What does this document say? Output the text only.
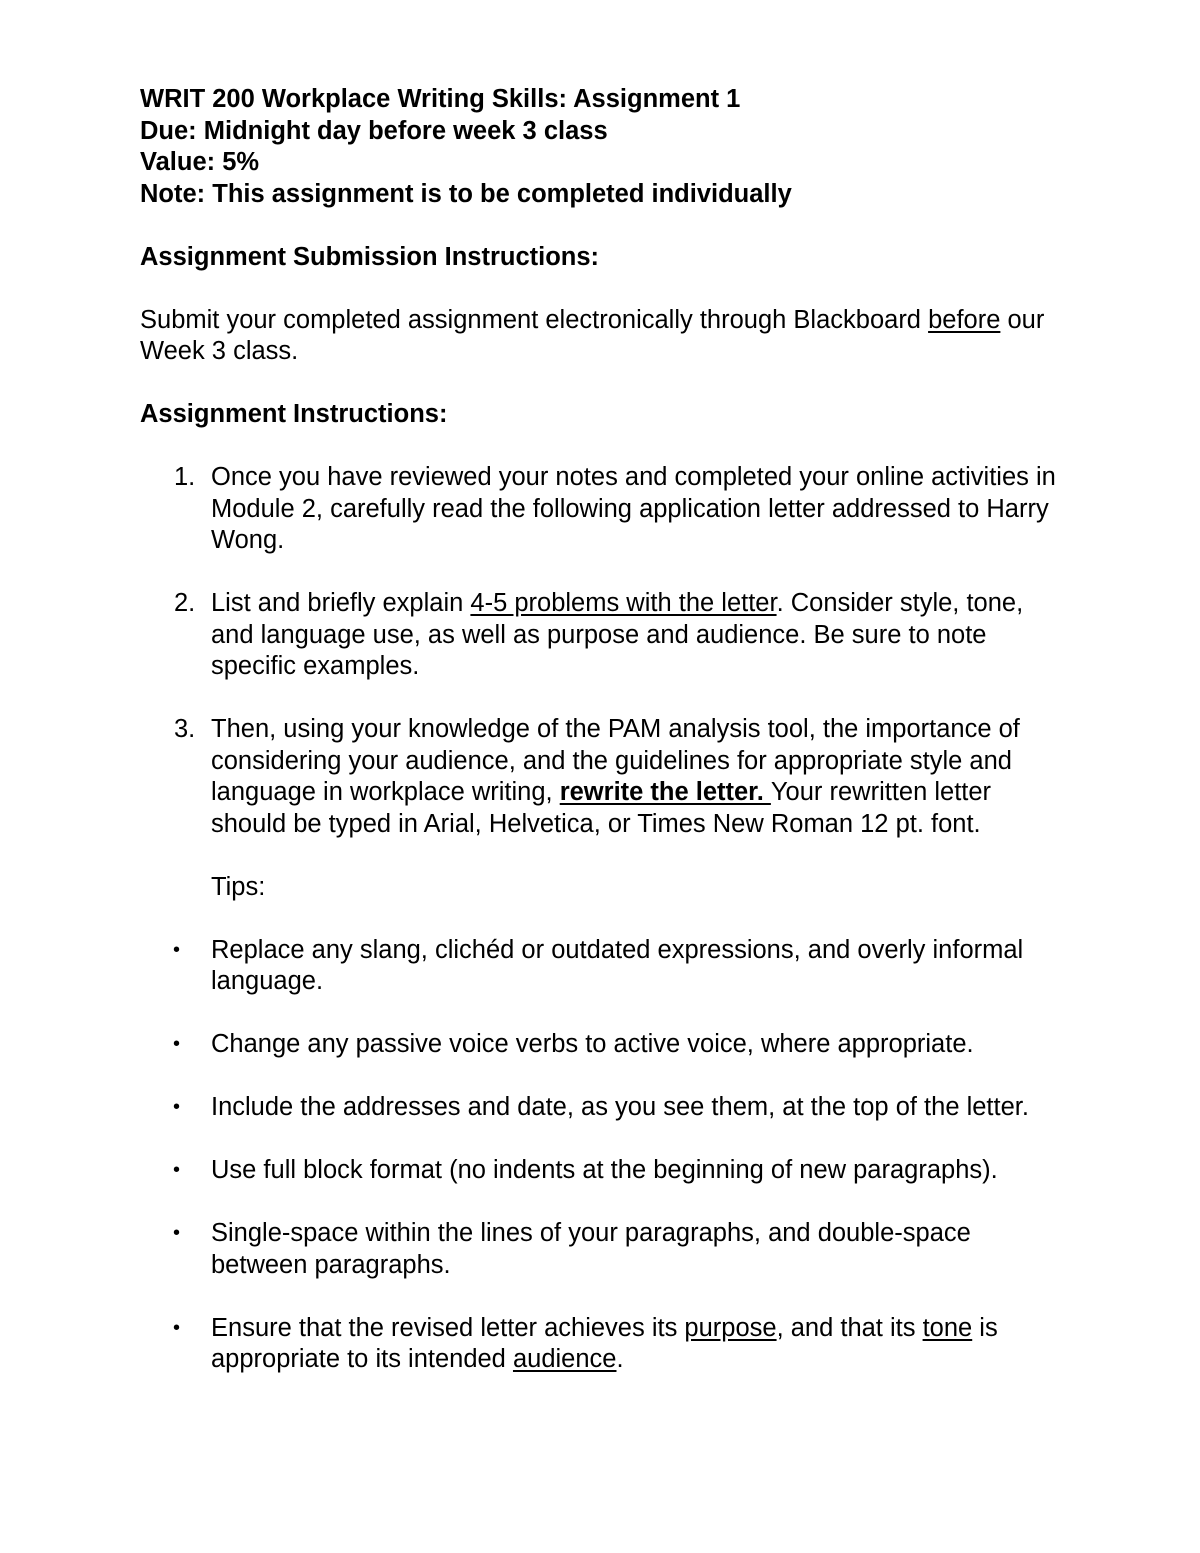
WRIT 200 Workplace Writing Skills: Assignment 1

Due: Midnight day before week 3 class

Value: 5%

Note: This assignment is to be completed individually

Assignment Submission Instructions:

Submit your completed assignment electronically through Blackboard before our Week 3 class.

Assignment Instructions:

1. Once you have reviewed your notes and completed your online activities in Module 2, carefully read the following application letter addressed to Harry Wong.
2. List and briefly explain 4-5 problems with the letter. Consider style, tone, and language use, as well as purpose and audience. Be sure to note specific examples.
3. Then, using your knowledge of the PAM analysis tool, the importance of considering your audience, and the guidelines for appropriate style and language in workplace writing, rewrite the letter. Your rewritten letter should be typed in Arial, Helvetica, or Times New Roman 12 pt. font.

Tips:

• Replace any slang, clichéd or outdated expressions, and overly informal language.
• Change any passive voice verbs to active voice, where appropriate.
• Include the addresses and date, as you see them, at the top of the letter.
• Use full block format (no indents at the beginning of new paragraphs).
• Single-space within the lines of your paragraphs, and double-space between paragraphs.
• Ensure that the revised letter achieves its purpose, and that its tone is appropriate to its intended audience.
